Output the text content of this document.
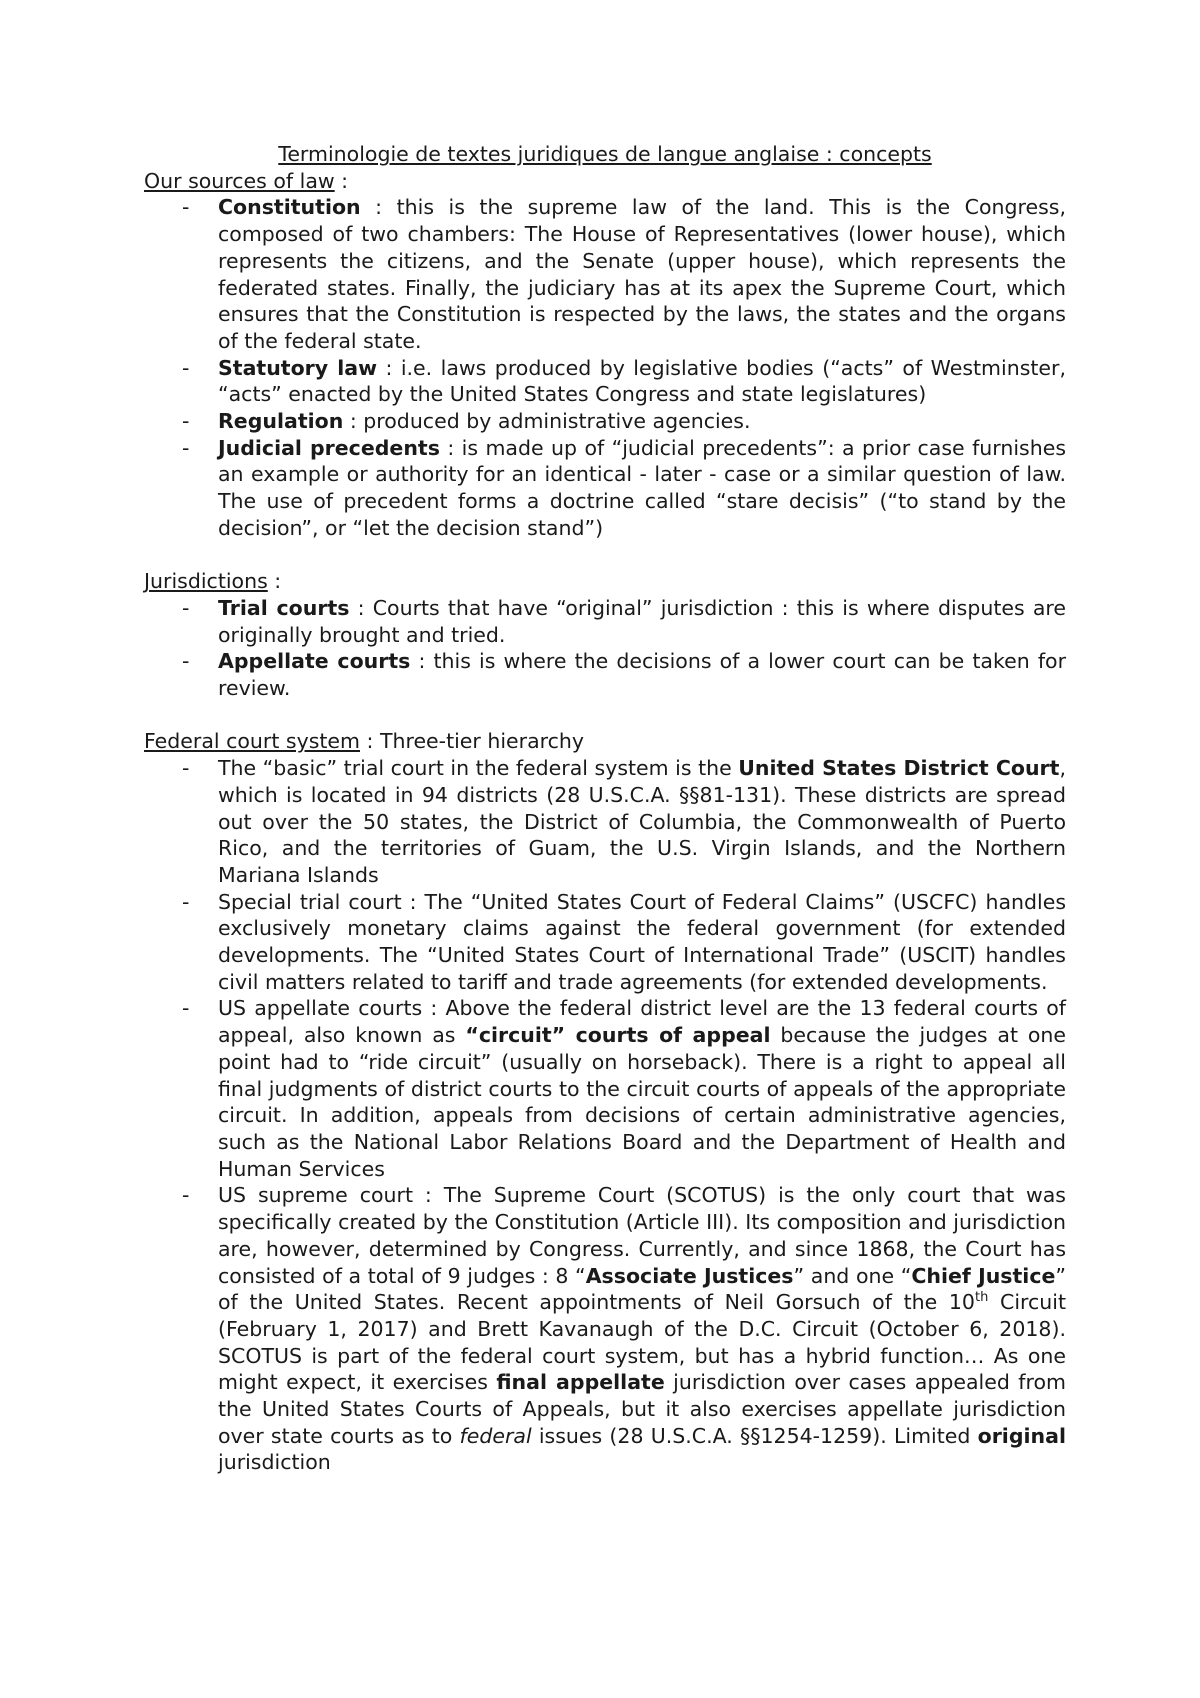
Terminologie de textes juridiques de langue anglaise : concepts

Our sources of law :

- Constitution : this is the supreme law of the land. This is the Congress, composed of two chambers: The House of Representatives (lower house), which represents the citizens, and the Senate (upper house), which represents the federated states. Finally, the judiciary has at its apex the Supreme Court, which ensures that the Constitution is respected by the laws, the states and the organs of the federal state.
- Statutory law : i.e. laws produced by legislative bodies (“acts” of Westminster, “acts” enacted by the United States Congress and state legislatures)
- Regulation : produced by administrative agencies.
- Judicial precedents : is made up of “judicial precedents”: a prior case furnishes an example or authority for an identical - later - case or a similar question of law. The use of precedent forms a doctrine called “stare decisis” (“to stand by the decision”, or “let the decision stand”)

Jurisdictions :

- Trial courts : Courts that have “original” jurisdiction : this is where disputes are originally brought and tried.
- Appellate courts : this is where the decisions of a lower court can be taken for review.

Federal court system : Three-tier hierarchy

- The “basic” trial court in the federal system is the United States District Court, which is located in 94 districts (28 U.S.C.A. §§81-131). These districts are spread out over the 50 states, the District of Columbia, the Commonwealth of Puerto Rico, and the territories of Guam, the U.S. Virgin Islands, and the Northern Mariana Islands
- Special trial court : The “United States Court of Federal Claims” (USCFC) handles exclusively monetary claims against the federal government (for extended developments. The “United States Court of International Trade” (USCIT) handles civil matters related to tariff and trade agreements (for extended developments.
- US appellate courts : Above the federal district level are the 13 federal courts of appeal, also known as “circuit” courts of appeal because the judges at one point had to “ride circuit” (usually on horseback). There is a right to appeal all final judgments of district courts to the circuit courts of appeals of the appropriate circuit. In addition, appeals from decisions of certain administrative agencies, such as the National Labor Relations Board and the Department of Health and Human Services
- US supreme court : The Supreme Court (SCOTUS) is the only court that was specifically created by the Constitution (Article III). Its composition and jurisdiction are, however, determined by Congress. Currently, and since 1868, the Court has consisted of a total of 9 judges : 8 “Associate Justices” and one “Chief Justice” of the United States. Recent appointments of Neil Gorsuch of the 10th Circuit (February 1, 2017) and Brett Kavanaugh of the D.C. Circuit (October 6, 2018). SCOTUS is part of the federal court system, but has a hybrid function… As one might expect, it exercises final appellate jurisdiction over cases appealed from the United States Courts of Appeals, but it also exercises appellate jurisdiction over state courts as to federal issues (28 U.S.C.A. §§1254-1259). Limited original jurisdiction
